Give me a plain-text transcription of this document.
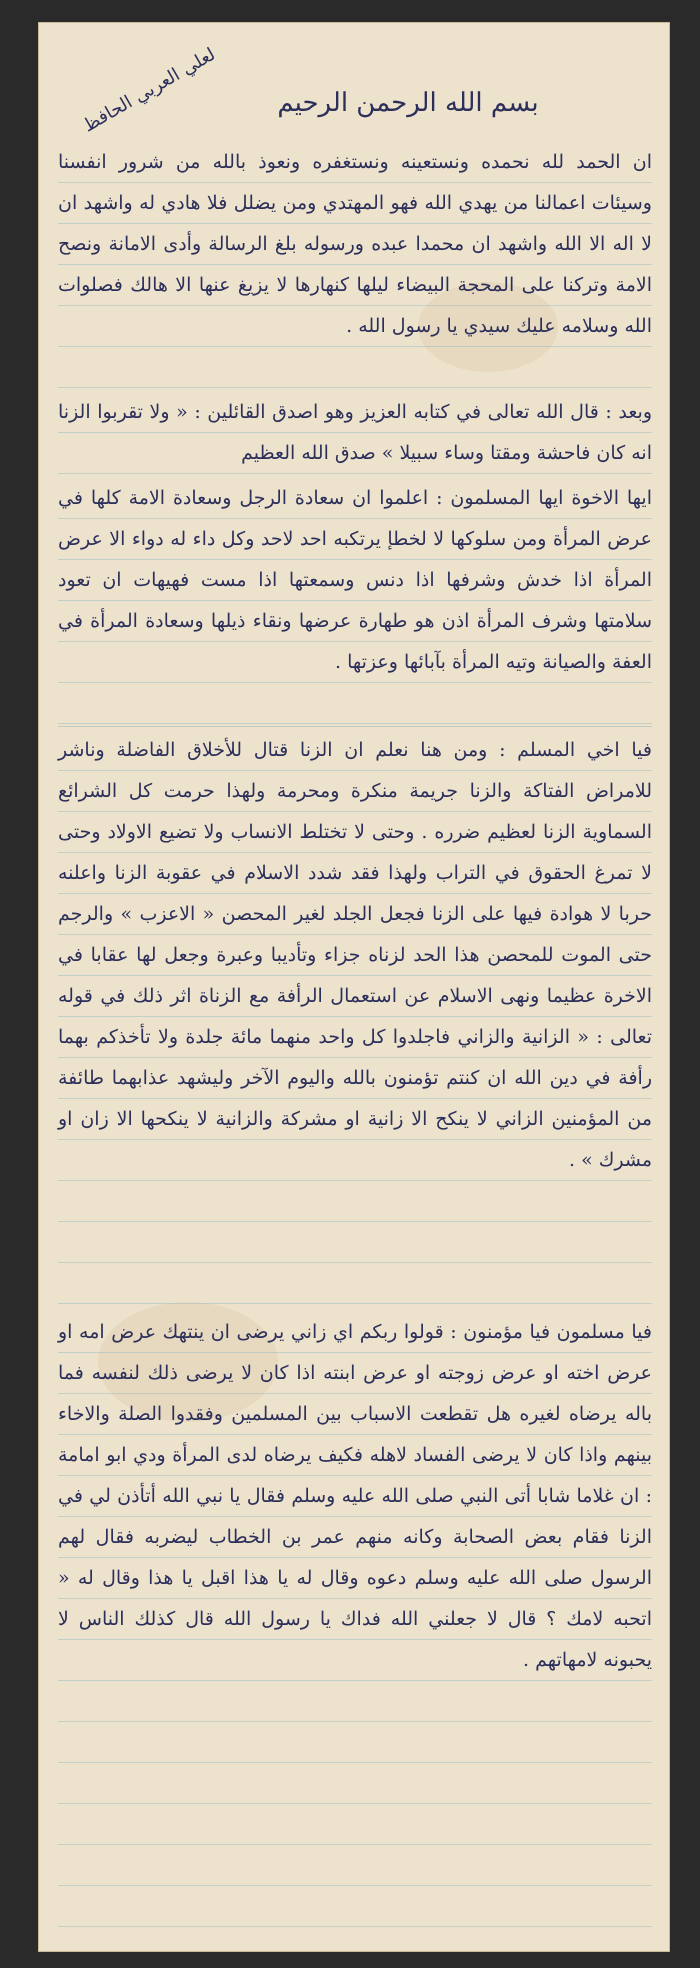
لعلي العربي الحافظ	بسم الله الرحمن الرحيم
ان الحمد لله نحمده ونستعينه ونستغفره ونعوذ بالله من شرور انفسنا وسيئات اعمالنا من يهدي الله فهو المهتدي ومن يضلل فلا هادي له واشهد ان لا اله الا الله واشهد ان محمدا عبده ورسوله بلغ الرسالة وأدى الامانة ونصح الامة وتركنا على المحجة البيضاء ليلها كنهارها لا يزيغ عنها الا هالك فصلوات الله وسلامه عليك سيدي يا رسول الله .
وبعد : قال الله تعالى في كتابه العزيز وهو اصدق القائلين : « ولا تقربوا الزنا انه كان فاحشة ومقتا وساء سبيلا » صدق الله العظيم
ايها الاخوة ايها المسلمون : اعلموا ان سعادة الرجل وسعادة الامة كلها في عرض المرأة ومن سلوكها لا لخطإ يرتكبه احد لاحد وكل داء له دواء الا عرض المرأة اذا خدش وشرفها اذا دنس وسمعتها اذا مست فهيهات ان تعود سلامتها وشرف المرأة اذن هو طهارة عرضها ونقاء ذيلها وسعادة المرأة في العفة والصيانة وتيه المرأة بآبائها وعزتها .
فيا اخي المسلم : ومن هنا نعلم ان الزنا قتال للأخلاق الفاضلة وناشر للامراض الفتاكة والزنا جريمة منكرة ومحرمة ولهذا حرمت كل الشرائع السماوية الزنا لعظيم ضرره . وحتى لا تختلط الانساب ولا تضيع الاولاد وحتى لا تمرغ الحقوق في التراب ولهذا فقد شدد الاسلام في عقوبة الزنا واعلنه حربا لا هوادة فيها على الزنا فجعل الجلد لغير المحصن « الاعزب » والرجم حتى الموت للمحصن هذا الحد لزناه جزاء وتأديبا وعبرة وجعل لها عقابا في الاخرة عظيما ونهى الاسلام عن استعمال الرأفة مع الزناة اثر ذلك في قوله تعالى : « الزانية والزاني فاجلدوا كل واحد منهما مائة جلدة ولا تأخذكم بهما رأفة في دين الله ان كنتم تؤمنون بالله واليوم الآخر وليشهد عذابهما طائفة من المؤمنين الزاني لا ينكح الا زانية او مشركة والزانية لا ينكحها الا زان او مشرك » .
فيا مسلمون فيا مؤمنون : قولوا ربكم اي زاني يرضى ان ينتهك عرض امه او عرض اخته او عرض زوجته او عرض ابنته اذا كان لا يرضى ذلك لنفسه فما باله يرضاه لغيره هل تقطعت الاسباب بين المسلمين وفقدوا الصلة والاخاء بينهم واذا كان لا يرضى الفساد لاهله فكيف يرضاه لدى المرأة ودي ابو امامة : ان غلاما شابا أتى النبي صلى الله عليه وسلم فقال يا نبي الله أتأذن لي في الزنا فقام بعض الصحابة وكانه منهم عمر بن الخطاب ليضربه فقال لهم الرسول صلى الله عليه وسلم دعوه وقال له يا هذا اقبل يا هذا وقال له « اتحبه لامك ؟ قال لا جعلني الله فداك يا رسول الله قال كذلك الناس لا يحبونه لامهاتهم .
